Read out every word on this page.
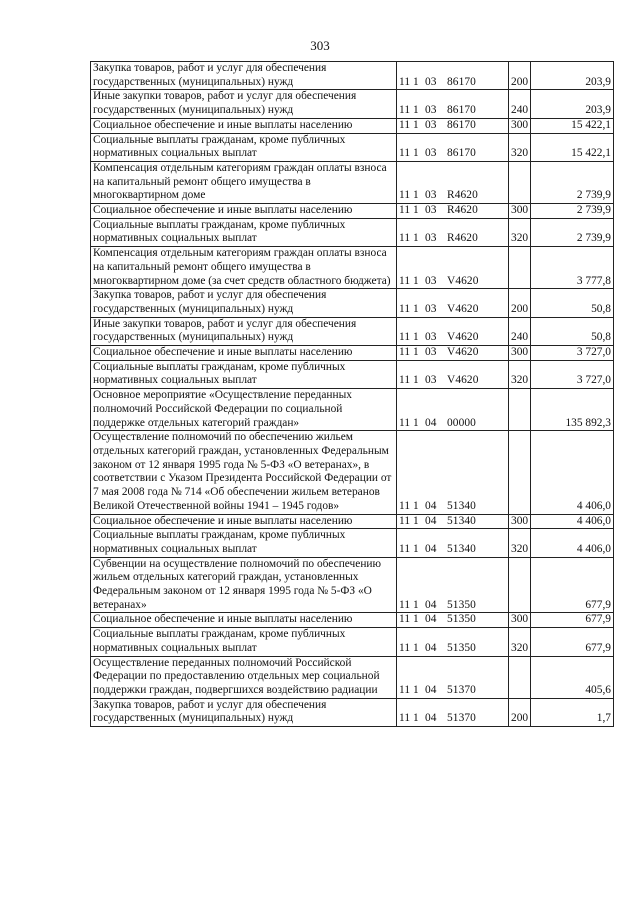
303
Закупка товаров, работ и услуг для обеспечения государственных (муниципальных) нужд	11 1 03 86170	200	203,9
Иные закупки товаров, работ и услуг для обеспечения государственных (муниципальных) нужд	11 1 03 86170	240	203,9
Социальное обеспечение и иные выплаты населению	11 1 03 86170	300	15 422,1
Социальные выплаты гражданам, кроме публичных нормативных социальных выплат	11 1 03 86170	320	15 422,1
Компенсация отдельным категориям граждан оплаты взноса на капитальный ремонт общего имущества в многоквартирном доме	11 1 03 R4620		2 739,9
Социальное обеспечение и иные выплаты населению	11 1 03 R4620	300	2 739,9
Социальные выплаты гражданам, кроме публичных нормативных социальных выплат	11 1 03 R4620	320	2 739,9
Компенсация отдельным категориям граждан оплаты взноса на капитальный ремонт общего имущества в многоквартирном доме (за счет средств областного бюджета)	11 1 03 V4620		3 777,8
Закупка товаров, работ и услуг для обеспечения государственных (муниципальных) нужд	11 1 03 V4620	200	50,8
Иные закупки товаров, работ и услуг для обеспечения государственных (муниципальных) нужд	11 1 03 V4620	240	50,8
Социальное обеспечение и иные выплаты населению	11 1 03 V4620	300	3 727,0
Социальные выплаты гражданам, кроме публичных нормативных социальных выплат	11 1 03 V4620	320	3 727,0
Основное мероприятие «Осуществление переданных полномочий Российской Федерации по социальной поддержке отдельных категорий граждан»	11 1 04 00000		135 892,3
Осуществление полномочий по обеспечению жильем отдельных категорий граждан, установленных Федеральным законом от 12 января 1995 года № 5-ФЗ «О ветеранах», в соответствии с Указом Президента Российской Федерации от 7 мая 2008 года № 714 «Об обеспечении жильем ветеранов Великой Отечественной войны 1941 – 1945 годов»	11 1 04 51340		4 406,0
Социальное обеспечение и иные выплаты населению	11 1 04 51340	300	4 406,0
Социальные выплаты гражданам, кроме публичных нормативных социальных выплат	11 1 04 51340	320	4 406,0
Субвенции на осуществление полномочий по обеспечению жильем отдельных категорий граждан, установленных Федеральным законом от 12 января 1995 года № 5-ФЗ «О ветеранах»	11 1 04 51350		677,9
Социальное обеспечение и иные выплаты населению	11 1 04 51350	300	677,9
Социальные выплаты гражданам, кроме публичных нормативных социальных выплат	11 1 04 51350	320	677,9
Осуществление переданных полномочий Российской Федерации по предоставлению отдельных мер социальной поддержки граждан, подвергшихся воздействию радиации	11 1 04 51370		405,6
Закупка товаров, работ и услуг для обеспечения государственных (муниципальных) нужд	11 1 04 51370	200	1,7
